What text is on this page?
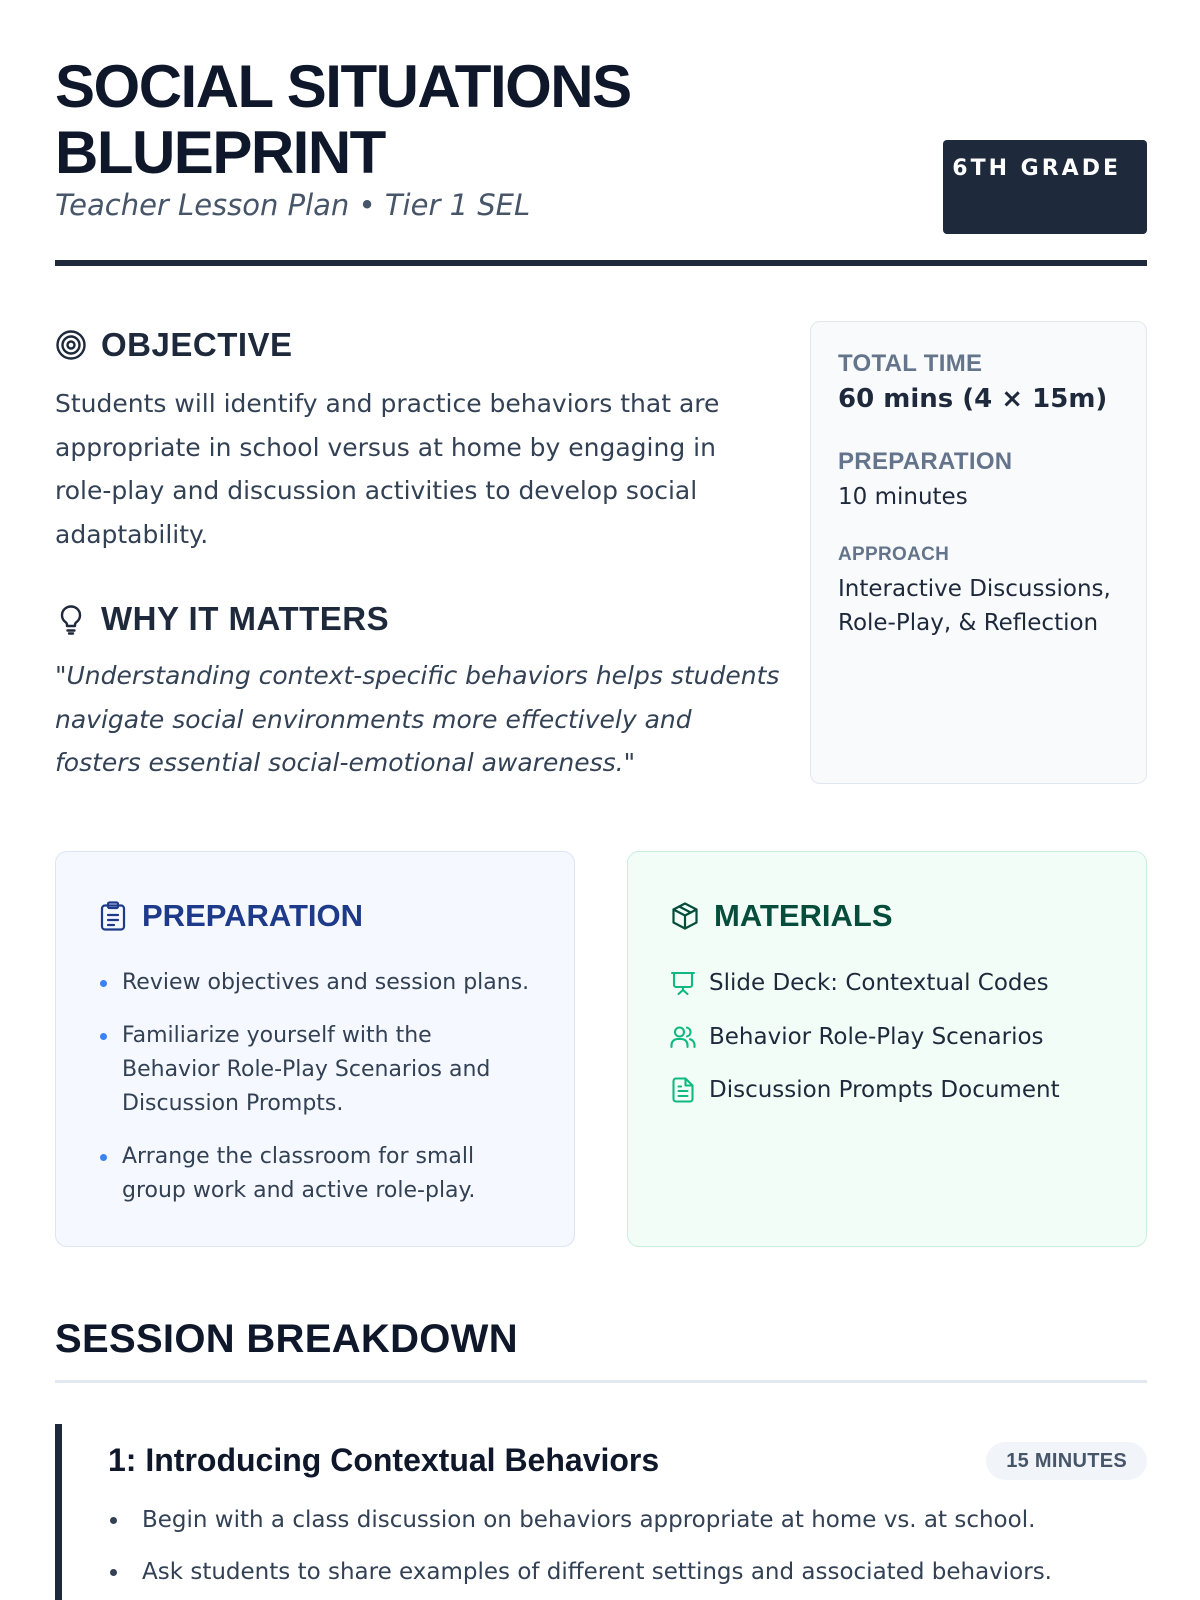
SOCIAL SITUATIONS BLUEPRINT
Teacher Lesson Plan • Tier 1 SEL
6TH GRADE
OBJECTIVE

Students will identify and practice behaviors that are appropriate in school versus at home by engaging in role-play and discussion activities to develop social adaptability.

WHY IT MATTERS

"Understanding context-specific behaviors helps students navigate social environments more effectively and fosters essential social-emotional awareness."

TOTAL TIME
60 mins (4 × 15m)
PREPARATION
10 minutes
APPROACH
Interactive Discussions, Role-Play, & Reflection
PREPARATION
Review objectives and session plans.
Familiarize yourself with the Behavior Role-Play Scenarios and Discussion Prompts.
Arrange the classroom for small group work and active role-play.
MATERIALS
Slide Deck: Contextual Codes
Behavior Role-Play Scenarios
Discussion Prompts Document
SESSION BREAKDOWN
1: Introducing Contextual Behaviors	15 MINUTES
Begin with a class discussion on behaviors appropriate at home vs. at school.
Ask students to share examples of different settings and associated behaviors.
